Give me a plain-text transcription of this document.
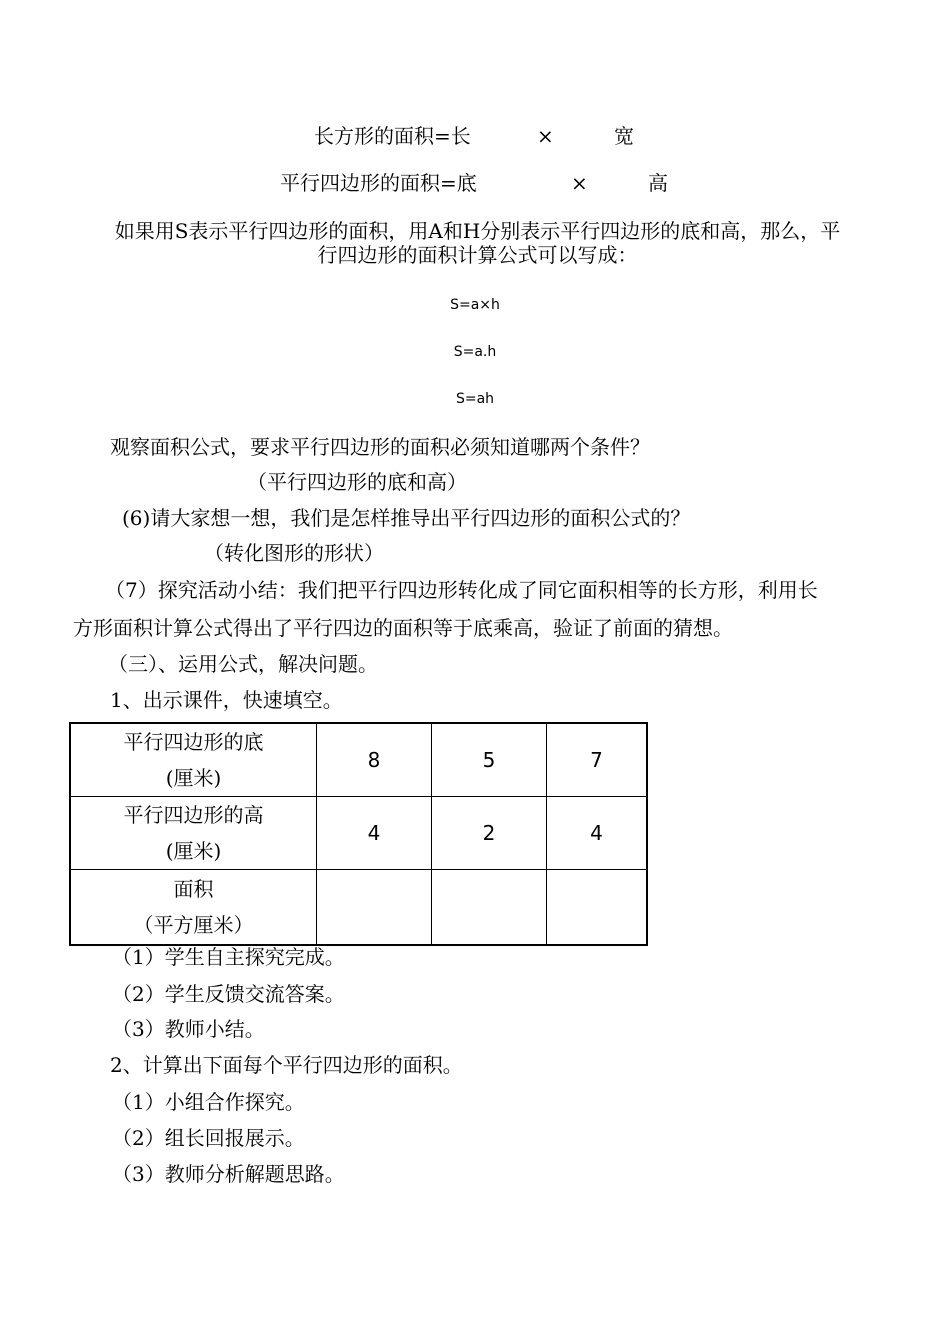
长方形的面积=长	×	宽
平行四边形的面积=底	×	高
如果用S表示平行四边形的面积，用A和H分别表示平行四边形的底和高，那么，平
行四边形的面积计算公式可以写成：
S=a×h
S=a.h
S=ah
观察面积公式，要求平行四边形的面积必须知道哪两个条件？
（平行四边形的底和高）
(6)请大家想一想，我们是怎样推导出平行四边形的面积公式的？
（转化图形的形状）
（7）探究活动小结：我们把平行四边形转化成了同它面积相等的长方形，利用长
方形面积计算公式得出了平行四边的面积等于底乘高，验证了前面的猜想。
（三）、运用公式，解决问题。
1、出示课件，快速填空。
平行四边形的底
(厘米)	8	5	7

平行四边形的高
(厘米)	4	2	4

面积
（平方厘米）			

（1）学生自主探究完成。
（2）学生反馈交流答案。
（3）教师小结。
2、计算出下面每个平行四边形的面积。
（1）小组合作探究。
（2）组长回报展示。
（3）教师分析解题思路。
